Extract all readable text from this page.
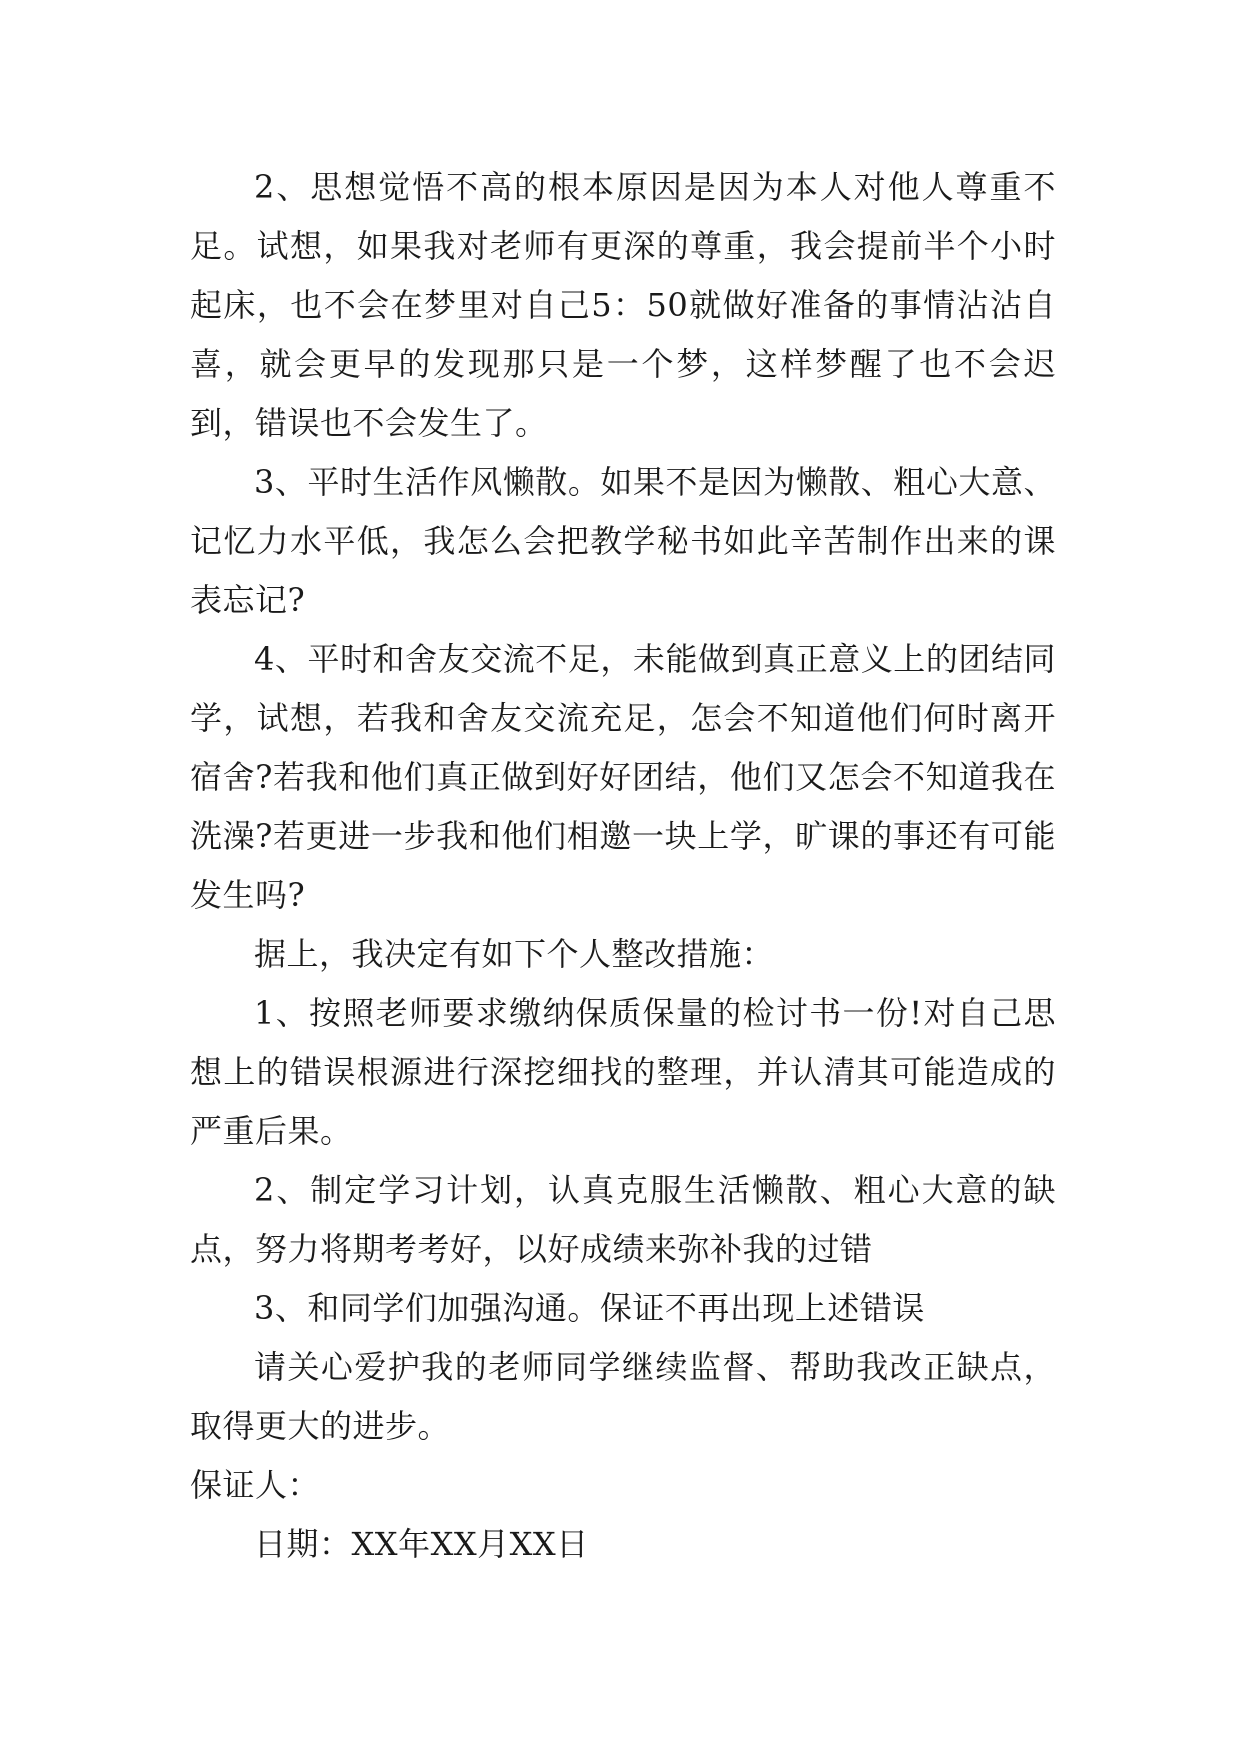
2、思想觉悟不高的根本原因是因为本人对他人尊重不足。试想，如果我对老师有更深的尊重，我会提前半个小时起床，也不会在梦里对自己5：50就做好准备的事情沾沾自喜，就会更早的发现那只是一个梦，这样梦醒了也不会迟到，错误也不会发生了。

3、平时生活作风懒散。如果不是因为懒散、粗心大意、记忆力水平低，我怎么会把教学秘书如此辛苦制作出来的课表忘记?

4、平时和舍友交流不足，未能做到真正意义上的团结同学，试想，若我和舍友交流充足，怎会不知道他们何时离开宿舍?若我和他们真正做到好好团结，他们又怎会不知道我在洗澡?若更进一步我和他们相邀一块上学，旷课的事还有可能发生吗?

据上，我决定有如下个人整改措施：

1、按照老师要求缴纳保质保量的检讨书一份!对自己思想上的错误根源进行深挖细找的整理，并认清其可能造成的严重后果。

2、制定学习计划，认真克服生活懒散、粗心大意的缺点，努力将期考考好，以好成绩来弥补我的过错

3、和同学们加强沟通。保证不再出现上述错误

请关心爱护我的老师同学继续监督、帮助我改正缺点，取得更大的进步。

保证人：

日期：XX年XX月XX日
